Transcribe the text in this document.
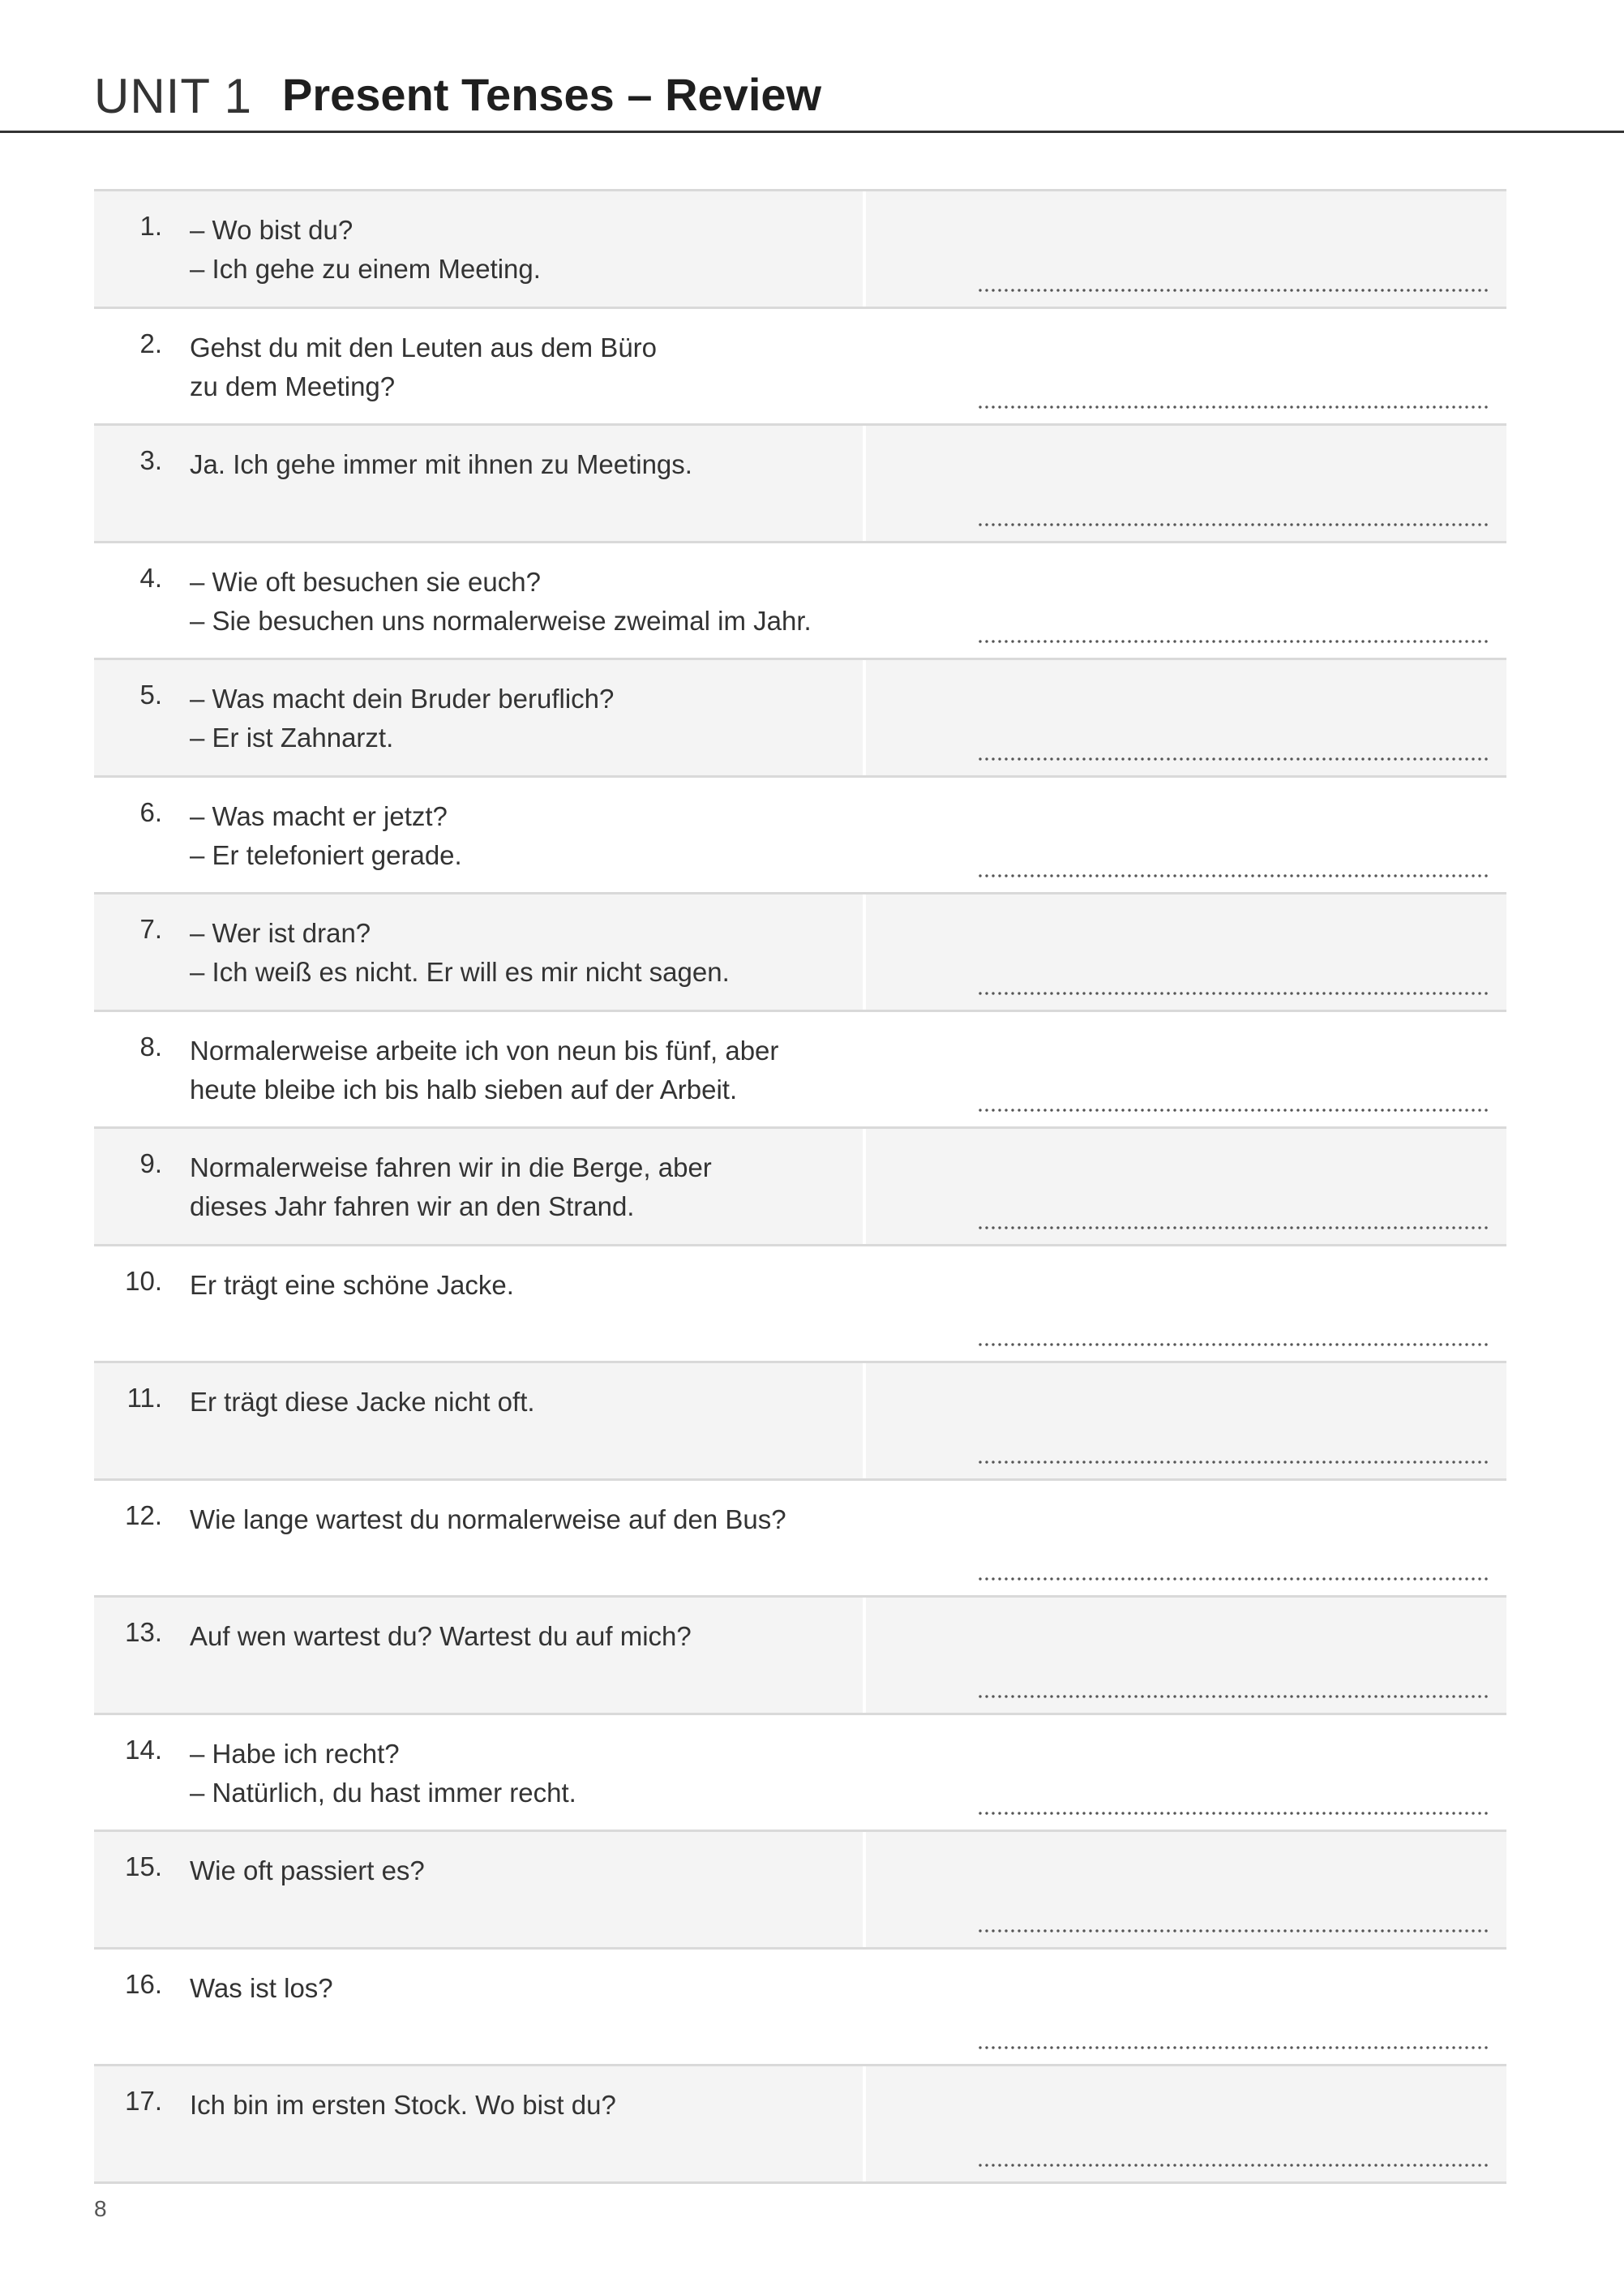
UNIT 1 Present Tenses – Review
1. – Wo bist du?
– Ich gehe zu einem Meeting.
2. Gehst du mit den Leuten aus dem Büro
zu dem Meeting?
3. Ja. Ich gehe immer mit ihnen zu Meetings.
4. – Wie oft besuchen sie euch?
– Sie besuchen uns normalerweise zweimal im Jahr.
5. – Was macht dein Bruder beruflich?
– Er ist Zahnarzt.
6. – Was macht er jetzt?
– Er telefoniert gerade.
7. – Wer ist dran?
– Ich weiß es nicht. Er will es mir nicht sagen.
8. Normalerweise arbeite ich von neun bis fünf, aber
heute bleibe ich bis halb sieben auf der Arbeit.
9. Normalerweise fahren wir in die Berge, aber
dieses Jahr fahren wir an den Strand.
10. Er trägt eine schöne Jacke.
11. Er trägt diese Jacke nicht oft.
12. Wie lange wartest du normalerweise auf den Bus?
13. Auf wen wartest du? Wartest du auf mich?
14. – Habe ich recht?
– Natürlich, du hast immer recht.
15. Wie oft passiert es?
16. Was ist los?
17. Ich bin im ersten Stock. Wo bist du?
8
